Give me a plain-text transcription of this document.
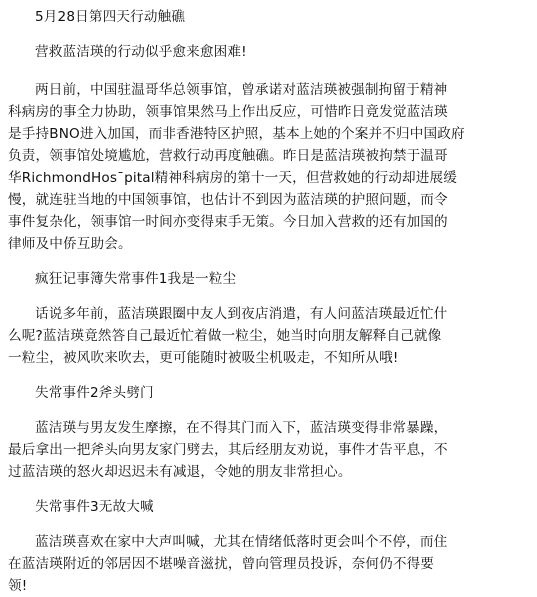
5月28日第四天行动触礁
营救蓝洁瑛的行动似乎愈来愈困难!
两日前，中国驻温哥华总领事馆，曾承诺对蓝洁瑛被强制拘留于精神
科病房的事全力协助，领事馆果然马上作出反应，可惜昨日竟发觉蓝洁瑛
是手持BNO进入加国，而非香港特区护照，基本上她的个案并不归中国政府
负责，领事馆处境尴尬，营救行动再度触礁。昨日是蓝洁瑛被拘禁于温哥
华RichmondHos¯pital精神科病房的第十一天，但营救她的行动却进展缓
慢，就连驻当地的中国领事馆，也估计不到因为蓝洁瑛的护照问题，而令
事件复杂化，领事馆一时间亦变得束手无策。今日加入营救的还有加国的
律师及中侨互助会。
疯狂记事簿失常事件1我是一粒尘
话说多年前，蓝洁瑛跟圈中友人到夜店消遣，有人问蓝洁瑛最近忙什
么呢?蓝洁瑛竟然答自己最近忙着做一粒尘，她当时向朋友解释自己就像
一粒尘，被风吹来吹去，更可能随时被吸尘机吸走，不知所从哦!
失常事件2斧头劈门
蓝洁瑛与男友发生摩擦，在不得其门而入下，蓝洁瑛变得非常暴躁，
最后拿出一把斧头向男友家门劈去，其后经朋友劝说，事件才告平息，不
过蓝洁瑛的怒火却迟迟未有减退，令她的朋友非常担心。
失常事件3无故大喊
蓝洁瑛喜欢在家中大声叫喊，尤其在情绪低落时更会叫个不停，而住
在蓝洁瑛附近的邻居因不堪噪音滋扰，曾向管理员投诉，奈何仍不得要
领!
